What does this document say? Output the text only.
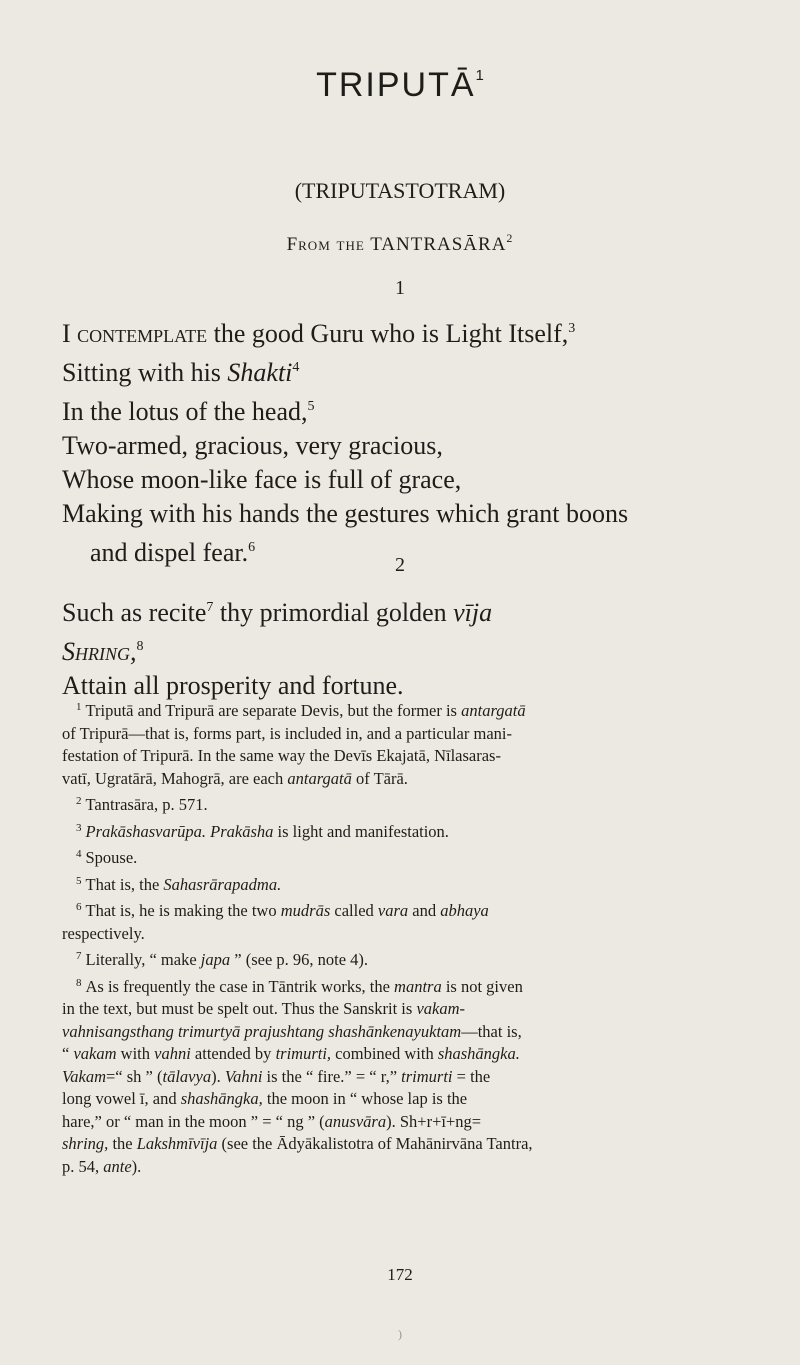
TRIPUTĀ$^1$
(TRIPUTASTOTRAM)
From the TANTRASĀRA$^2$
1
I contemplate the good Guru who is Light Itself,$^3$
Sitting with his Shakti$^4$
In the lotus of the head,$^5$
Two-armed, gracious, very gracious,
Whose moon-like face is full of grace,
Making with his hands the gestures which grant boons
and dispel fear.$^6$
2
Such as recite$^7$ thy primordial golden vīja
Shring,$^8$
Attain all prosperity and fortune.

$^1$ Triputā and Tripurā are separate Devis, but the former is antargatā

of Tripurā—that is, forms part, is included in, and a particular mani-

festation of Tripurā. In the same way the Devīs Ekajatā, Nīlasaras-

vatī, Ugratārā, Mahogrā, are each antargatā of Tārā.

$^2$ Tantrasāra, p. 571.

$^3$ Prakāshasvarūpa. Prakāsha is light and manifestation.

$^4$ Spouse.

$^5$ That is, the Sahasrārapadma.

$^6$ That is, he is making the two mudrās called vara and abhaya

respectively.

$^7$ Literally, “ make japa ” (see p. 96, note 4).

$^8$ As is frequently the case in Tāntrik works, the mantra is not given

in the text, but must be spelt out. Thus the Sanskrit is vakam-

vahnisangsthang trimurtyā prajushtang shashānkenayuktam—that is,

“ vakam with vahni attended by trimurti, combined with shashāngka.

Vakam=“ sh ” (tālavya). Vahni is the “ fire.” = “ r,” trimurti = the

long vowel ī, and shashāngka, the moon in “ whose lap is the

hare,” or “ man in the moon ” = “ ng ” (anusvāra). Sh+r+ī+ng=

shring, the Lakshmīvīja (see the Ādyākalistotra of Mahānirvāna Tantra,

p. 54, ante).

172
)
